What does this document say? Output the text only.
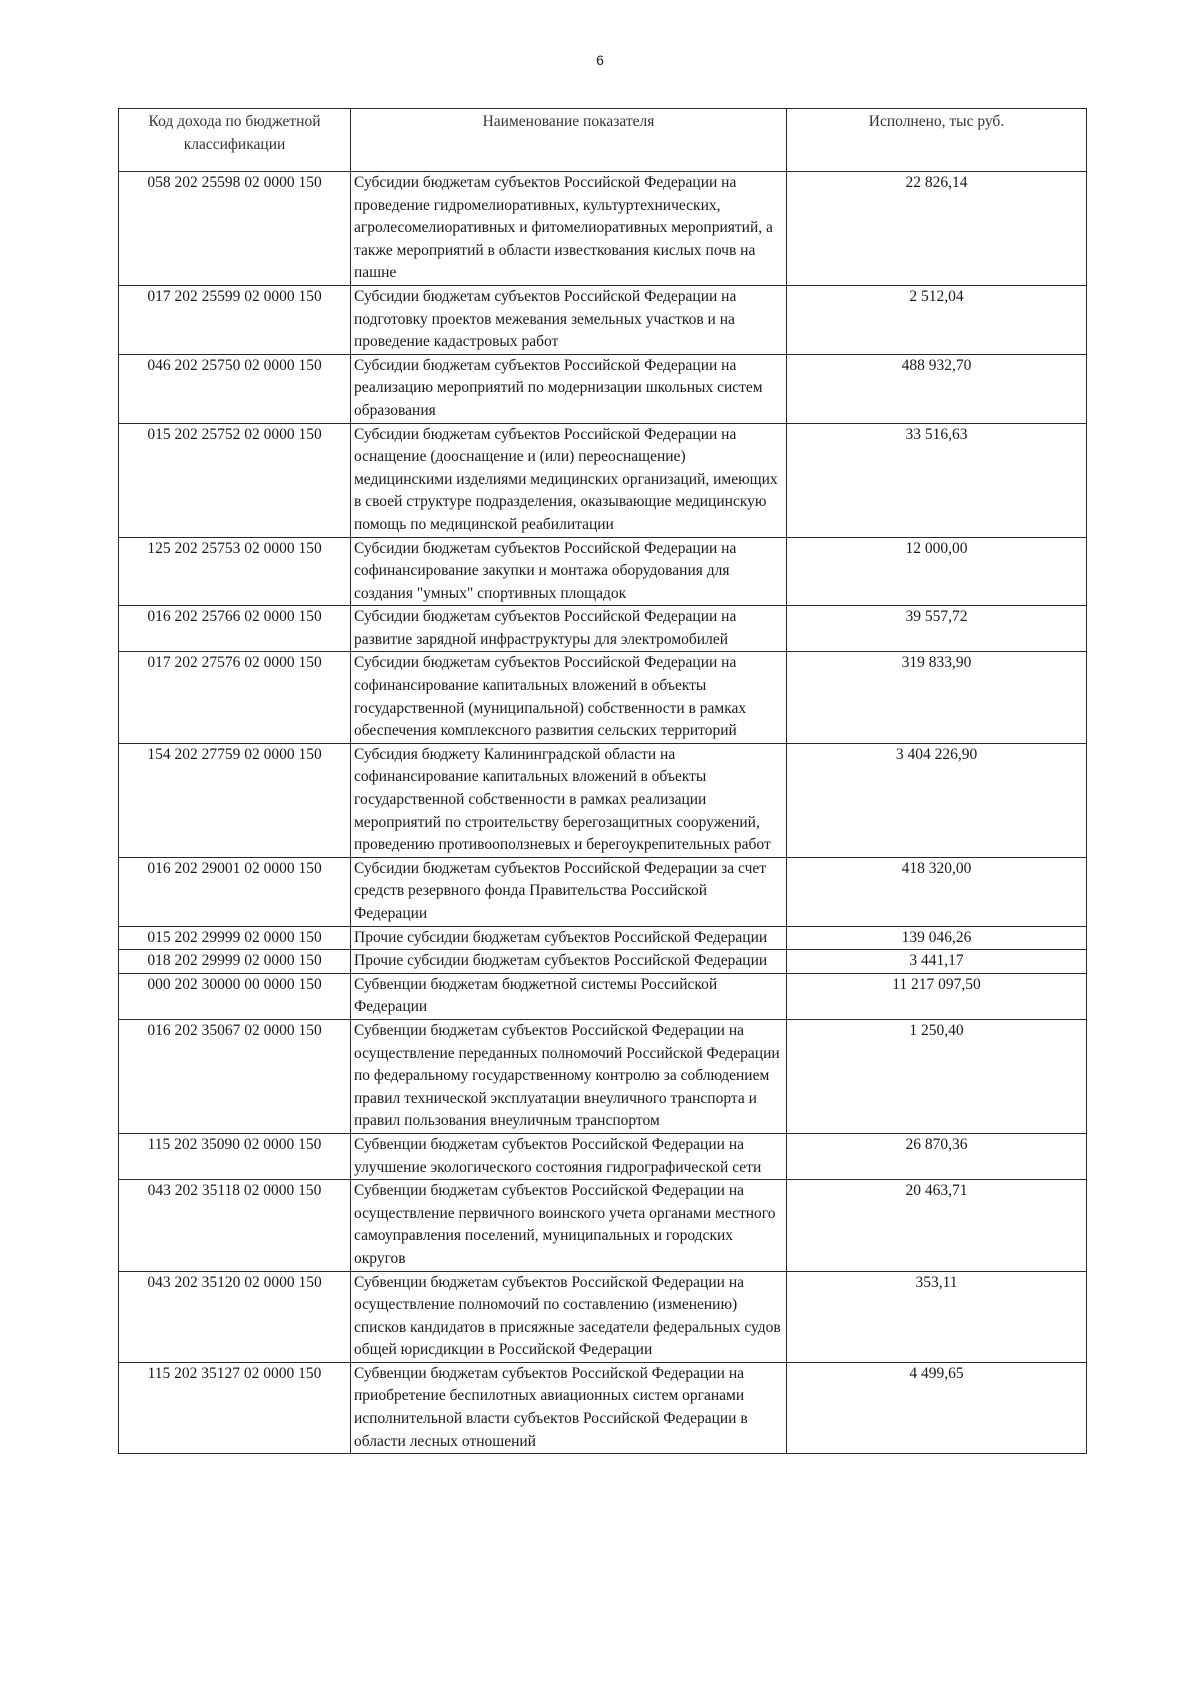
6
Код дохода по бюджетной классификации	Наименование показателя	Исполнено, тыс руб.
058 202 25598 02 0000 150	Субсидии бюджетам субъектов Российской Федерации на проведение гидромелиоративных, культуртехнических, агролесомелиоративных и фитомелиоративных мероприятий, а также мероприятий в области известкования кислых почв на пашне	22 826,14
017 202 25599 02 0000 150	Субсидии бюджетам субъектов Российской Федерации на подготовку проектов межевания земельных участков и на проведение кадастровых работ	2 512,04
046 202 25750 02 0000 150	Субсидии бюджетам субъектов Российской Федерации на реализацию мероприятий по модернизации школьных систем образования	488 932,70
015 202 25752 02 0000 150	Субсидии бюджетам субъектов Российской Федерации на оснащение (дооснащение и (или) переоснащение) медицинскими изделиями медицинских организаций, имеющих в своей структуре подразделения, оказывающие медицинскую помощь по медицинской реабилитации	33 516,63
125 202 25753 02 0000 150	Субсидии бюджетам субъектов Российской Федерации на софинансирование закупки и монтажа оборудования для создания "умных" спортивных площадок	12 000,00
016 202 25766 02 0000 150	Субсидии бюджетам субъектов Российской Федерации на развитие зарядной инфраструктуры для электромобилей	39 557,72
017 202 27576 02 0000 150	Субсидии бюджетам субъектов Российской Федерации на софинансирование капитальных вложений в объекты государственной (муниципальной) собственности в рамках обеспечения комплексного развития сельских территорий	319 833,90
154 202 27759 02 0000 150	Субсидия бюджету Калининградской области на софинансирование капитальных вложений в объекты государственной собственности в рамках реализации мероприятий по строительству берегозащитных сооружений, проведению противооползневых и берегоукрепительных работ	3 404 226,90
016 202 29001 02 0000 150	Субсидии бюджетам субъектов Российской Федерации за счет средств резервного фонда Правительства Российской Федерации	418 320,00
015 202 29999 02 0000 150	Прочие субсидии бюджетам субъектов Российской Федерации	139 046,26
018 202 29999 02 0000 150	Прочие субсидии бюджетам субъектов Российской Федерации	3 441,17
000 202 30000 00 0000 150	Субвенции бюджетам бюджетной системы Российской Федерации	11 217 097,50
016 202 35067 02 0000 150	Субвенции бюджетам субъектов Российской Федерации на осуществление переданных полномочий Российской Федерации по федеральному государственному контролю за соблюдением правил технической эксплуатации внеуличного транспорта и правил пользования внеуличным транспортом	1 250,40
115 202 35090 02 0000 150	Субвенции бюджетам субъектов Российской Федерации на улучшение экологического состояния гидрографической сети	26 870,36
043 202 35118 02 0000 150	Субвенции бюджетам субъектов Российской Федерации на осуществление первичного воинского учета органами местного самоуправления поселений, муниципальных и городских округов	20 463,71
043 202 35120 02 0000 150	Субвенции бюджетам субъектов Российской Федерации на осуществление полномочий по составлению (изменению) списков кандидатов в присяжные заседатели федеральных судов общей юрисдикции в Российской Федерации	353,11
115 202 35127 02 0000 150	Субвенции бюджетам субъектов Российской Федерации на приобретение беспилотных авиационных систем органами исполнительной власти субъектов Российской Федерации в области лесных отношений	4 499,65
